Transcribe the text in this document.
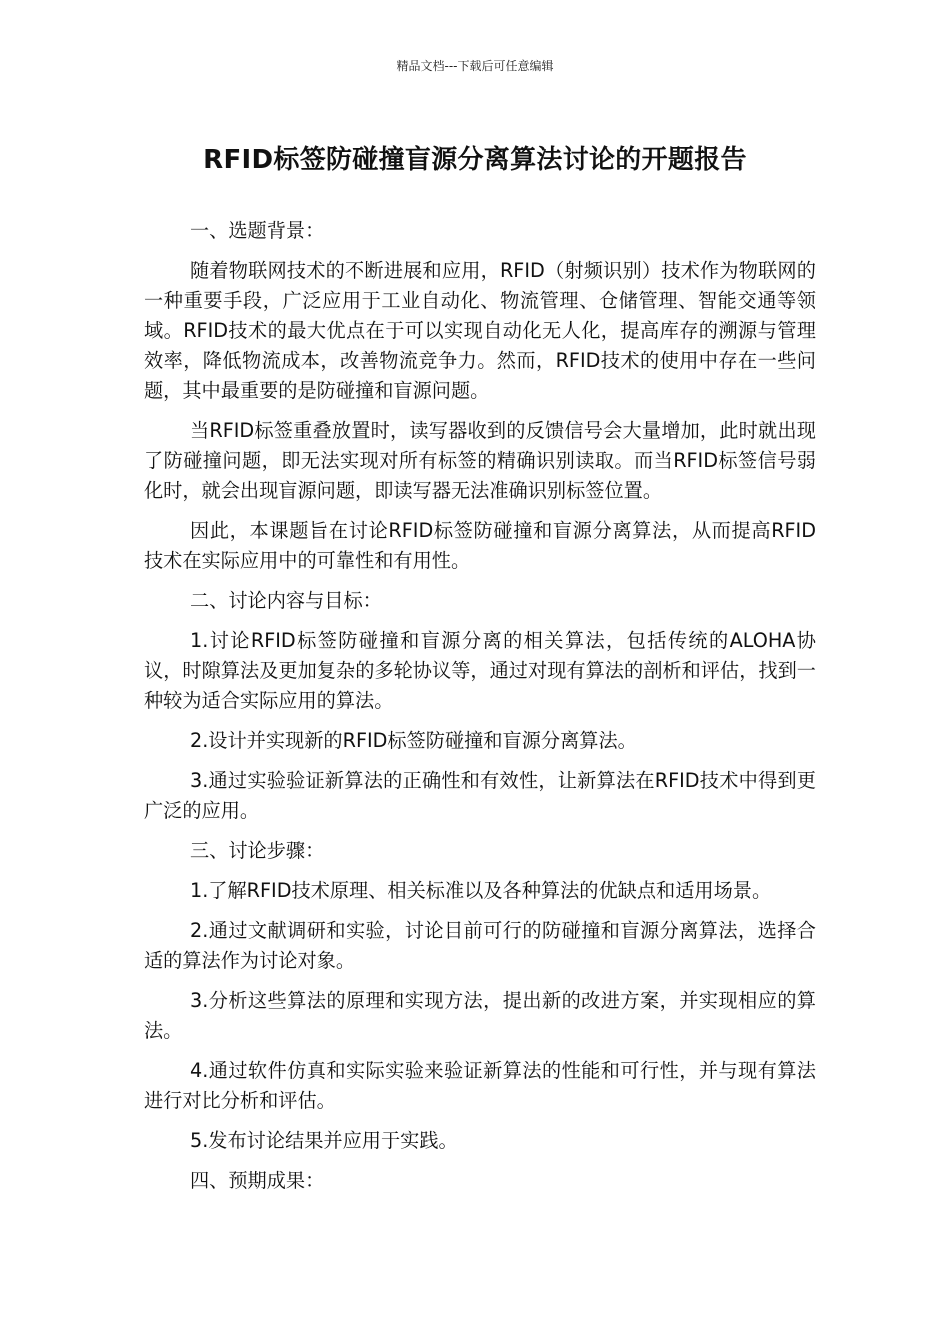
精品文档---下载后可任意编辑
RFID标签防碰撞盲源分离算法讨论的开题报告
一、选题背景：

随着物联网技术的不断进展和应用，RFID（射频识别）技术作为物联网的一种重要手段，广泛应用于工业自动化、物流管理、仓储管理、智能交通等领域。RFID技术的最大优点在于可以实现自动化无人化，提高库存的溯源与管理效率，降低物流成本，改善物流竞争力。然而，RFID技术的使用中存在一些问题，其中最重要的是防碰撞和盲源问题。

当RFID标签重叠放置时，读写器收到的反馈信号会大量增加，此时就出现了防碰撞问题，即无法实现对所有标签的精确识别读取。而当RFID标签信号弱化时，就会出现盲源问题，即读写器无法准确识别标签位置。

因此，本课题旨在讨论RFID标签防碰撞和盲源分离算法，从而提高RFID技术在实际应用中的可靠性和有用性。

二、讨论内容与目标：

1.讨论RFID标签防碰撞和盲源分离的相关算法，包括传统的ALOHA协议，时隙算法及更加复杂的多轮协议等，通过对现有算法的剖析和评估，找到一种较为适合实际应用的算法。

2.设计并实现新的RFID标签防碰撞和盲源分离算法。

3.通过实验验证新算法的正确性和有效性，让新算法在RFID技术中得到更广泛的应用。

三、讨论步骤：

1.了解RFID技术原理、相关标准以及各种算法的优缺点和适用场景。

2.通过文献调研和实验，讨论目前可行的防碰撞和盲源分离算法，选择合适的算法作为讨论对象。

3.分析这些算法的原理和实现方法，提出新的改进方案，并实现相应的算法。

4.通过软件仿真和实际实验来验证新算法的性能和可行性，并与现有算法进行对比分析和评估。

5.发布讨论结果并应用于实践。

四、预期成果：
